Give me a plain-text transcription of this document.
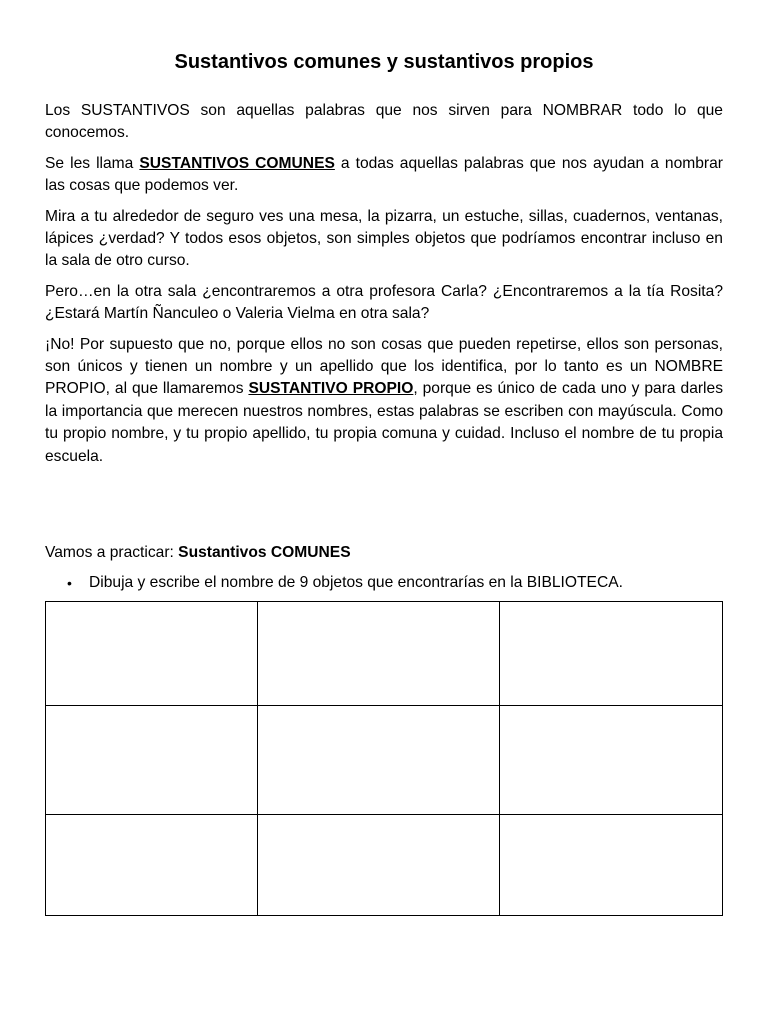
Sustantivos comunes y sustantivos propios

Los SUSTANTIVOS son aquellas palabras que nos sirven para NOMBRAR todo lo que conocemos.

Se les llama SUSTANTIVOS COMUNES a todas aquellas palabras que nos ayudan a nombrar las cosas que podemos ver.

Mira a tu alrededor de seguro ves una mesa, la pizarra, un estuche, sillas, cuadernos, ventanas, lápices ¿verdad? Y todos esos objetos, son simples objetos que podríamos encontrar incluso en la sala de otro curso.

Pero…en la otra sala ¿encontraremos a otra profesora Carla? ¿Encontraremos a la tía Rosita? ¿Estará Martín Ñanculeo o Valeria Vielma en otra sala?

¡No! Por supuesto que no, porque ellos no son cosas que pueden repetirse, ellos son personas, son únicos y tienen un nombre y un apellido que los identifica, por lo tanto es un NOMBRE PROPIO, al que llamaremos SUSTANTIVO PROPIO, porque es único de cada uno y para darles la importancia que merecen nuestros nombres, estas palabras se escriben con mayúscula. Como tu propio nombre, y tu propio apellido, tu propia comuna y cuidad. Incluso el nombre de tu propia escuela.

Vamos a practicar: Sustantivos COMUNES
•	Dibuja y escribe el nombre de 9 objetos que encontrarías en la BIBLIOTECA.
